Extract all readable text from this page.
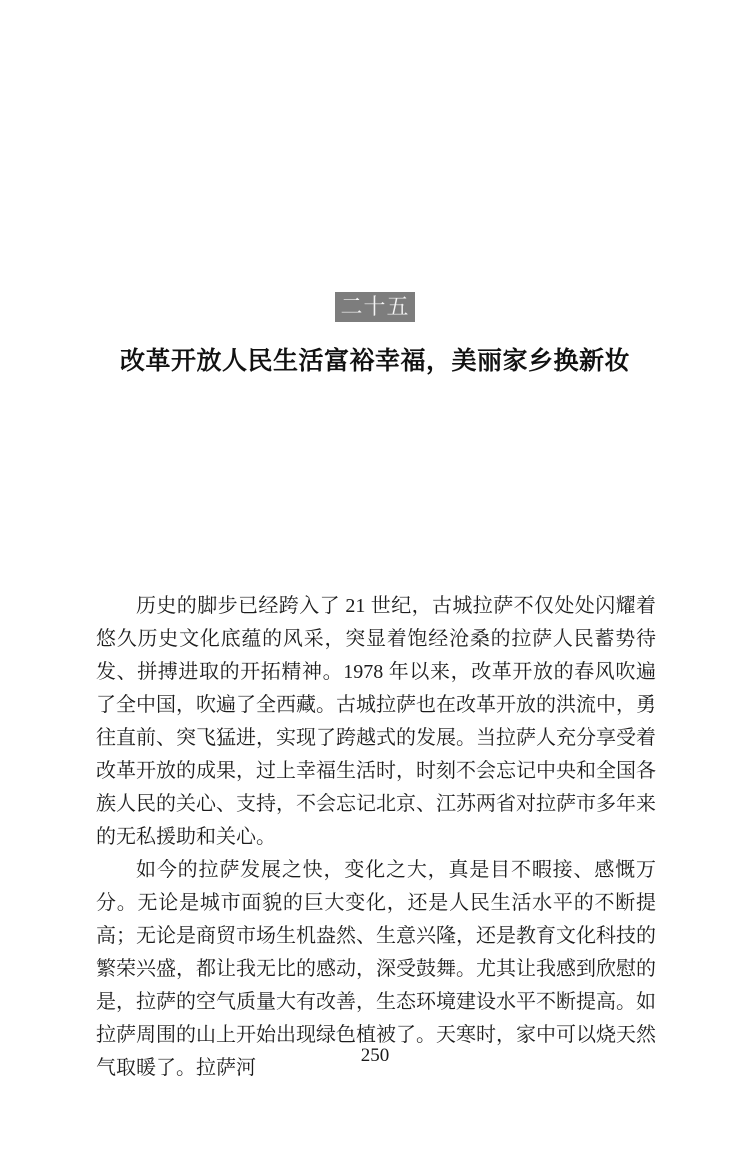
二十五
改革开放人民生活富裕幸福，美丽家乡换新妆

历史的脚步已经跨入了 21 世纪，古城拉萨不仅处处闪耀着悠久历史文化底蕴的风采，突显着饱经沧桑的拉萨人民蓄势待发、拼搏进取的开拓精神。1978 年以来，改革开放的春风吹遍了全中国，吹遍了全西藏。古城拉萨也在改革开放的洪流中，勇往直前、突飞猛进，实现了跨越式的发展。当拉萨人充分享受着改革开放的成果，过上幸福生活时，时刻不会忘记中央和全国各族人民的关心、支持，不会忘记北京、江苏两省对拉萨市多年来的无私援助和关心。

如今的拉萨发展之快，变化之大，真是目不暇接、感慨万分。无论是城市面貌的巨大变化，还是人民生活水平的不断提高；无论是商贸市场生机盎然、生意兴隆，还是教育文化科技的繁荣兴盛，都让我无比的感动，深受鼓舞。尤其让我感到欣慰的是，拉萨的空气质量大有改善，生态环境建设水平不断提高。如拉萨周围的山上开始出现绿色植被了。天寒时，家中可以烧天然气取暖了。拉萨河

250
